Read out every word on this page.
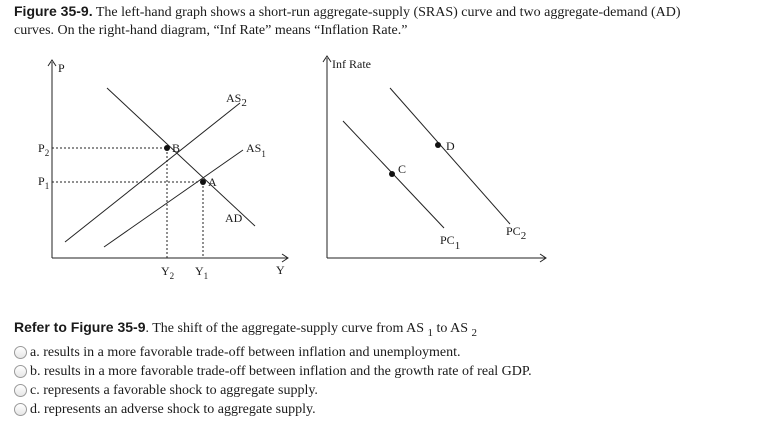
Figure 35-9. The left-hand graph shows a short-run aggregate-supply (SRAS) curve and two aggregate-demand (AD)
curves. On the right-hand diagram, “Inf Rate” means “Inflation Rate.”
P
Y
$P_2$
$P_1$
$Y_2$ $Y_1$
AS2
$AS_1$
AD
A
B
Inf Rate
C
D
PC1
PC2
Refer to Figure 35-9. The shift of the aggregate-supply curve from AS $_1$ to AS $_2$
a. results in a more favorable trade-off between inflation and unemployment.
b. results in a more favorable trade-off between inflation and the growth rate of real GDP.
c. represents a favorable shock to aggregate supply.
d. represents an adverse shock to aggregate supply.
